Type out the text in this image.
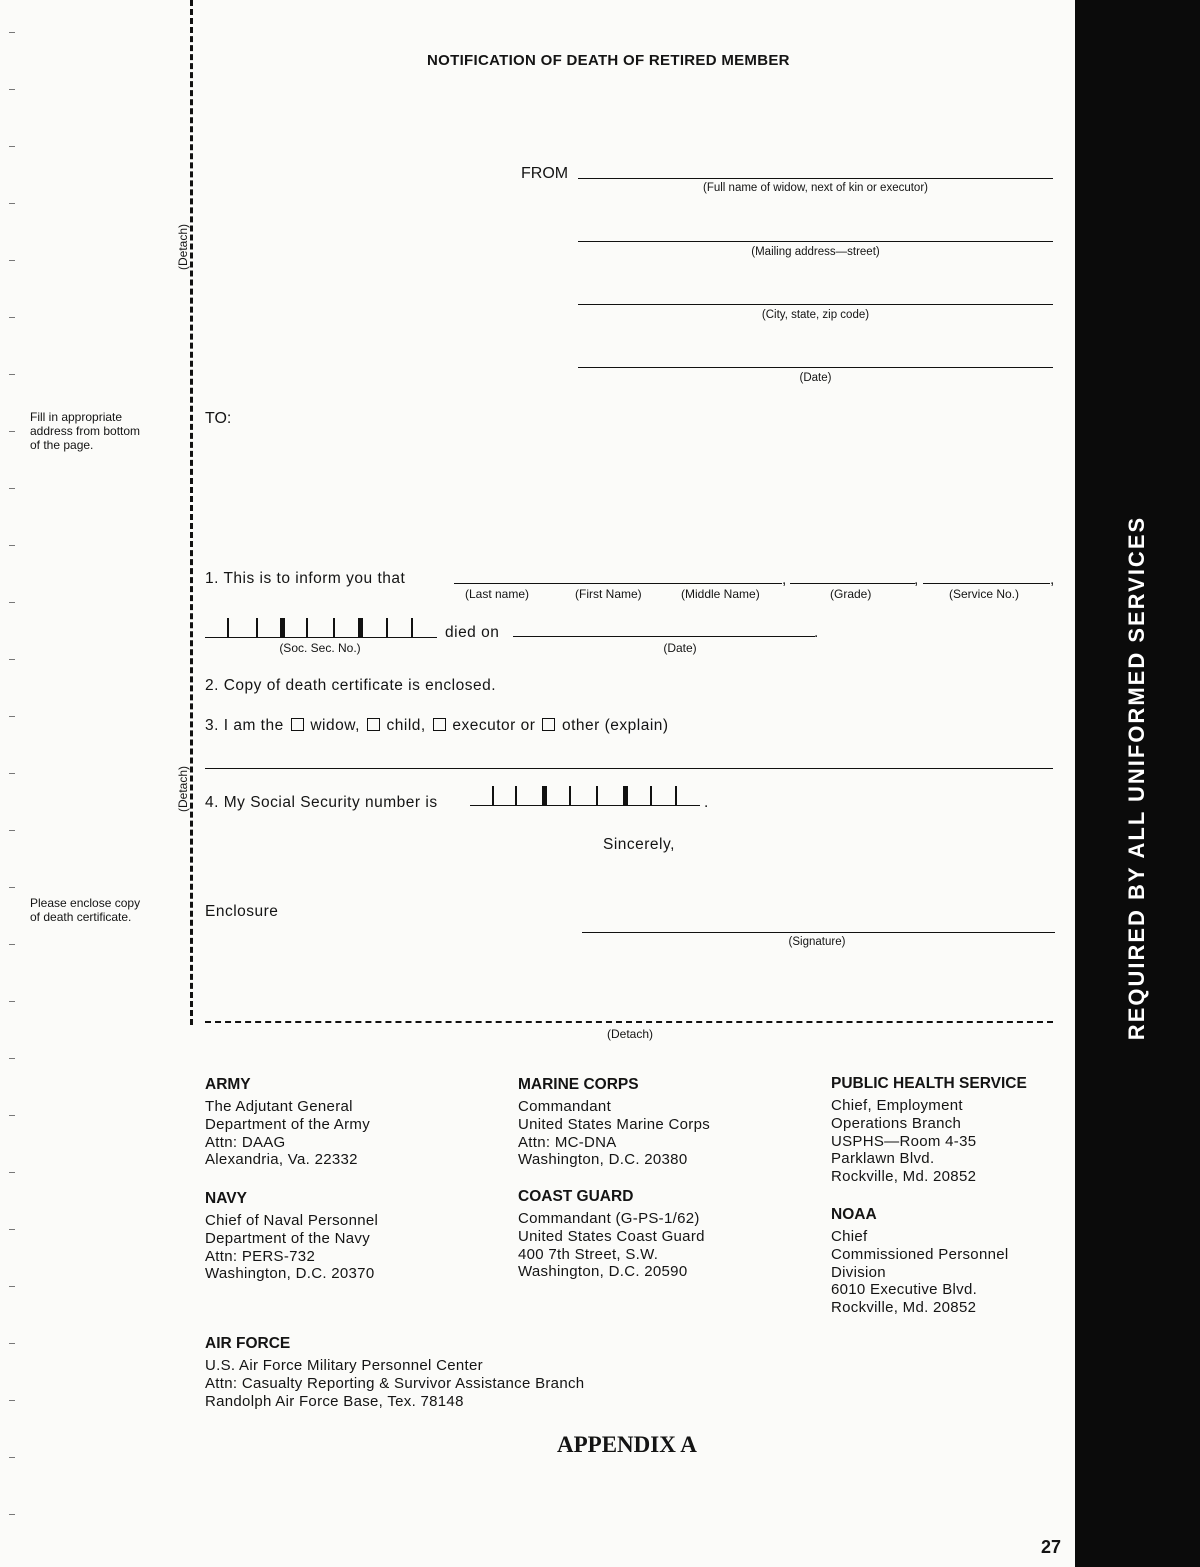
REQUIRED BY ALL UNIFORMED SERVICES
(Detach)
(Detach)
Fill in appropriate
address from bottom
of the page.
Please enclose copy
of death certificate.
NOTIFICATION OF DEATH OF RETIRED MEMBER
FROM
(Full name of widow, next of kin or executor)
(Mailing address—street)
(City, state, zip code)
(Date)
TO:
1. This is to inform you that	,	,	,
(Last name)	(First Name)	(Middle Name)	(Grade)	(Service No.)
(Soc. Sec. No.)
died on	.
(Date)
2. Copy of death certificate is enclosed.
3. I am the widow, child, executor or other (explain)
4. My Social Security number is	.
Sincerely,
Enclosure
(Signature)
(Detach)
ARMY
The Adjutant General
Department of the Army
Attn: DAAG
Alexandria, Va. 22332
NAVY
Chief of Naval Personnel
Department of the Navy
Attn: PERS-732
Washington, D.C. 20370
AIR FORCE
U.S. Air Force Military Personnel Center
Attn: Casualty Reporting & Survivor Assistance Branch
Randolph Air Force Base, Tex. 78148
MARINE CORPS
Commandant
United States Marine Corps
Attn: MC-DNA
Washington, D.C. 20380
COAST GUARD
Commandant (G-PS-1/62)
United States Coast Guard
400 7th Street, S.W.
Washington, D.C. 20590
PUBLIC HEALTH SERVICE
Chief, Employment
Operations Branch
USPHS—Room 4-35
Parklawn Blvd.
Rockville, Md. 20852
NOAA
Chief
Commissioned Personnel
Division
6010 Executive Blvd.
Rockville, Md. 20852
APPENDIX A
27
